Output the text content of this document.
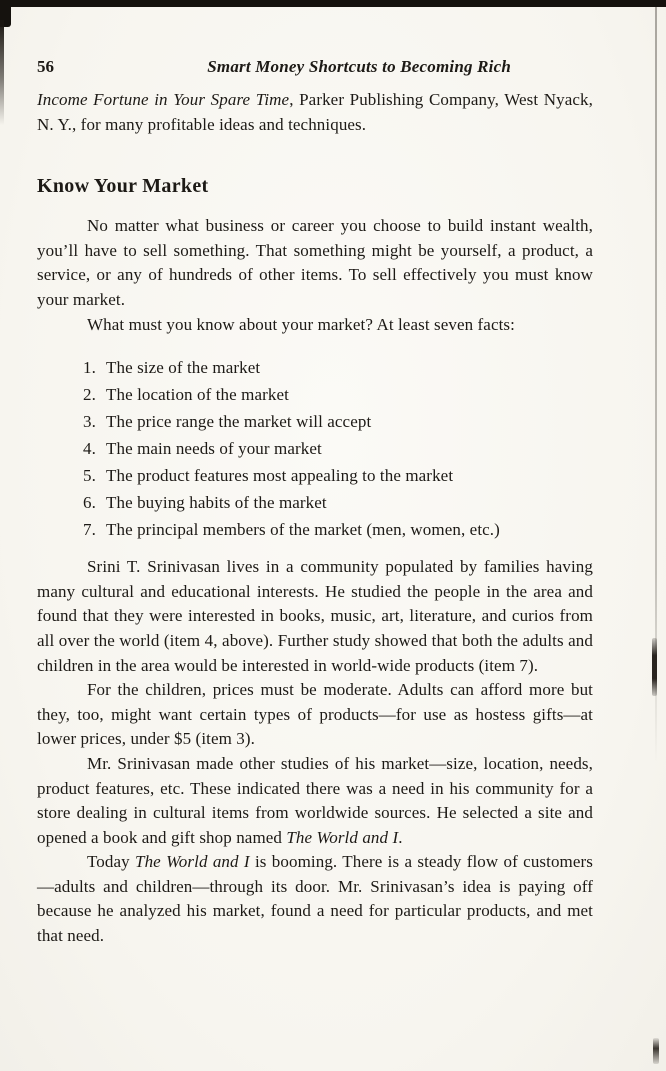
56	Smart Money Shortcuts to Becoming Rich

Income Fortune in Your Spare Time, Parker Publishing Company, West Nyack, N. Y., for many profitable ideas and techniques.

Know Your Market

No matter what business or career you choose to build instant wealth, you’ll have to sell something. That something might be yourself, a product, a service, or any of hundreds of other items. To sell effectively you must know your market.

What must you know about your market? At least seven facts:

1. The size of the market
2. The location of the market
3. The price range the market will accept
4. The main needs of your market
5. The product features most appealing to the market
6. The buying habits of the market
7. The principal members of the market (men, women, etc.)

Srini T. Srinivasan lives in a community populated by families having many cultural and educational interests. He studied the people in the area and found that they were interested in books, music, art, literature, and curios from all over the world (item 4, above). Further study showed that both the adults and children in the area would be interested in world-wide products (item 7).

For the children, prices must be moderate. Adults can afford more but they, too, might want certain types of products—for use as hostess gifts—at lower prices, under $5 (item 3).

Mr. Srinivasan made other studies of his market—size, location, needs, product features, etc. These indicated there was a need in his community for a store dealing in cultural items from worldwide sources. He selected a site and opened a book and gift shop named The World and I.

Today The World and I is booming. There is a steady flow of customers—adults and children—through its door. Mr. Srinivasan’s idea is paying off because he analyzed his market, found a need for particular products, and met that need.
